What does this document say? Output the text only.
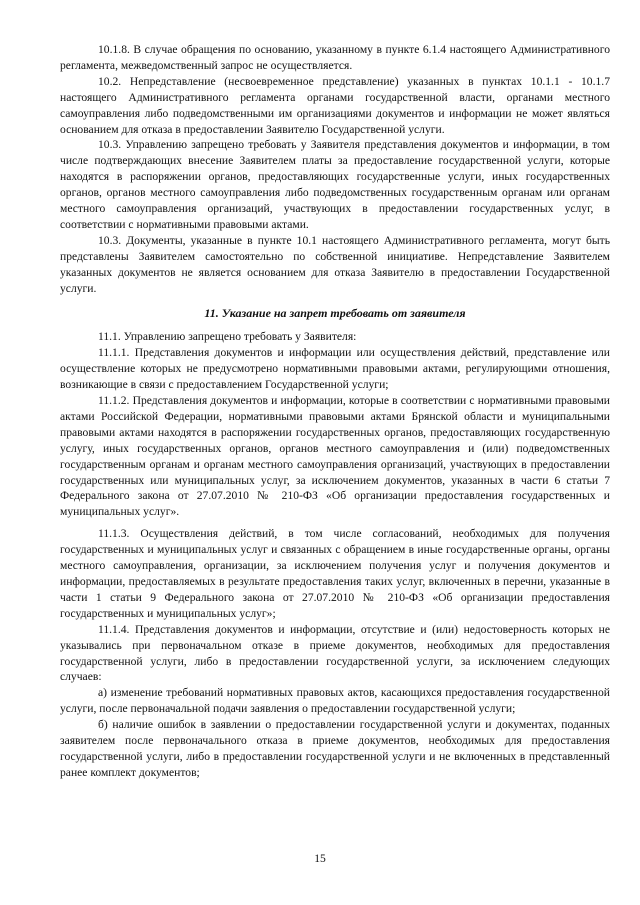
10.1.8. В случае обращения по основанию, указанному в пункте 6.1.4 настоящего Административного регламента, межведомственный запрос не осуществляется.

10.2. Непредставление (несвоевременное представление) указанных в пунктах 10.1.1 - 10.1.7 настоящего Административного регламента органами государственной власти, органами местного самоуправления либо подведомственными им организациями документов и информации не может являться основанием для отказа в предоставлении Заявителю Государственной услуги.

10.3. Управлению запрещено требовать у Заявителя представления документов и информации, в том числе подтверждающих внесение Заявителем платы за предоставление государственной услуги, которые находятся в распоряжении органов, предоставляющих государственные услуги, иных государственных органов, органов местного самоуправления либо подведомственных государственным органам или органам местного самоуправления организаций, участвующих в предоставлении государственных услуг, в соответствии с нормативными правовыми актами.

10.3. Документы, указанные в пункте 10.1 настоящего Административного регламента, могут быть представлены Заявителем самостоятельно по собственной инициативе. Непредставление Заявителем указанных документов не является основанием для отказа Заявителю в предоставлении Государственной услуги.

11. Указание на запрет требовать от заявителя

11.1. Управлению запрещено требовать у Заявителя:

11.1.1. Представления документов и информации или осуществления действий, представление или осуществление которых не предусмотрено нормативными правовыми актами, регулирующими отношения, возникающие в связи с предоставлением Государственной услуги;

11.1.2. Представления документов и информации, которые в соответствии с нормативными правовыми актами Российской Федерации, нормативными правовыми актами Брянской области и муниципальными правовыми актами находятся в распоряжении государственных органов, предоставляющих государственную услугу, иных государственных органов, органов местного самоуправления и (или) подведомственных государственным органам и органам местного самоуправления организаций, участвующих в предоставлении государственных или муниципальных услуг, за исключением документов, указанных в части 6 статьи 7 Федерального закона от 27.07.2010 № 210-ФЗ «Об организации предоставления государственных и муниципальных услуг».

11.1.3. Осуществления действий, в том числе согласований, необходимых для получения государственных и муниципальных услуг и связанных с обращением в иные государственные органы, органы местного самоуправления, организации, за исключением получения услуг и получения документов и информации, предоставляемых в результате предоставления таких услуг, включенных в перечни, указанные в части 1 статьи 9 Федерального закона от 27.07.2010 № 210-ФЗ «Об организации предоставления государственных и муниципальных услуг»;

11.1.4. Представления документов и информации, отсутствие и (или) недостоверность которых не указывались при первоначальном отказе в приеме документов, необходимых для предоставления государственной услуги, либо в предоставлении государственной услуги, за исключением следующих случаев:

а) изменение требований нормативных правовых актов, касающихся предоставления государственной услуги, после первоначальной подачи заявления о предоставлении государственной услуги;

б) наличие ошибок в заявлении о предоставлении государственной услуги и документах, поданных заявителем после первоначального отказа в приеме документов, необходимых для предоставления государственной услуги, либо в предоставлении государственной услуги и не включенных в представленный ранее комплект документов;

15
